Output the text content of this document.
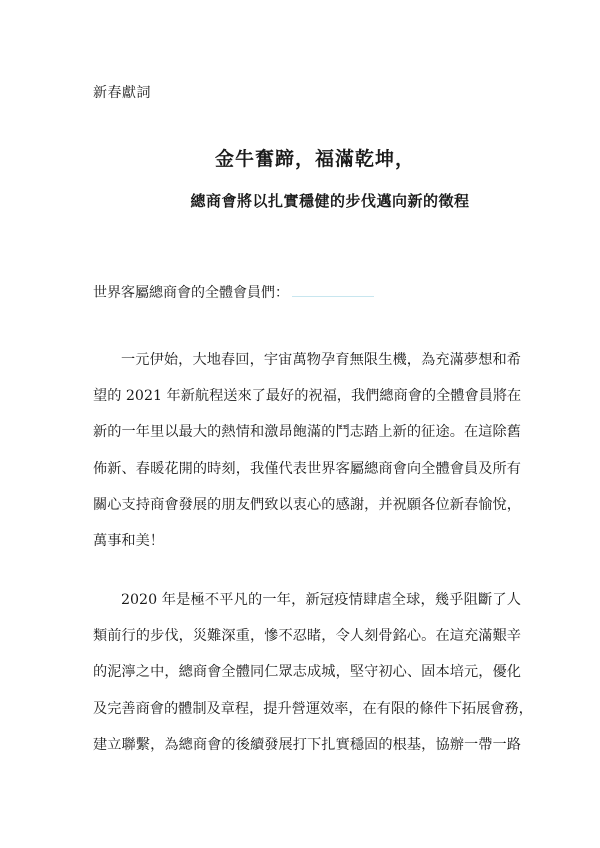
新春獻詞
金牛奮蹄，福滿乾坤，
總商會將以扎實穩健的步伐邁向新的徵程
世界客屬總商會的全體會員們：
一元伊始，大地春回，宇宙萬物孕育無限生機，為充滿夢想和希
望的 2021 年新航程送來了最好的祝福，我們總商會的全體會員將在
新的一年里以最大的熱情和激昂飽滿的鬥志踏上新的征途。在這除舊
佈新、春暖花開的時刻，我僅代表世界客屬總商會向全體會員及所有
關心支持商會發展的朋友們致以衷心的感謝，并祝願各位新春愉悅，
萬事和美！
2020 年是極不平凡的一年，新冠疫情肆虐全球，幾乎阻斷了人
類前行的步伐，災難深重，慘不忍睹，令人刻骨銘心。在這充滿艱辛
的泥濘之中，總商會全體同仁眾志成城，堅守初心、固本培元，優化
及完善商會的體制及章程，提升營運效率，在有限的條件下拓展會務，
建立聯繫，為總商會的後續發展打下扎實穩固的根基，協辦一帶一路
